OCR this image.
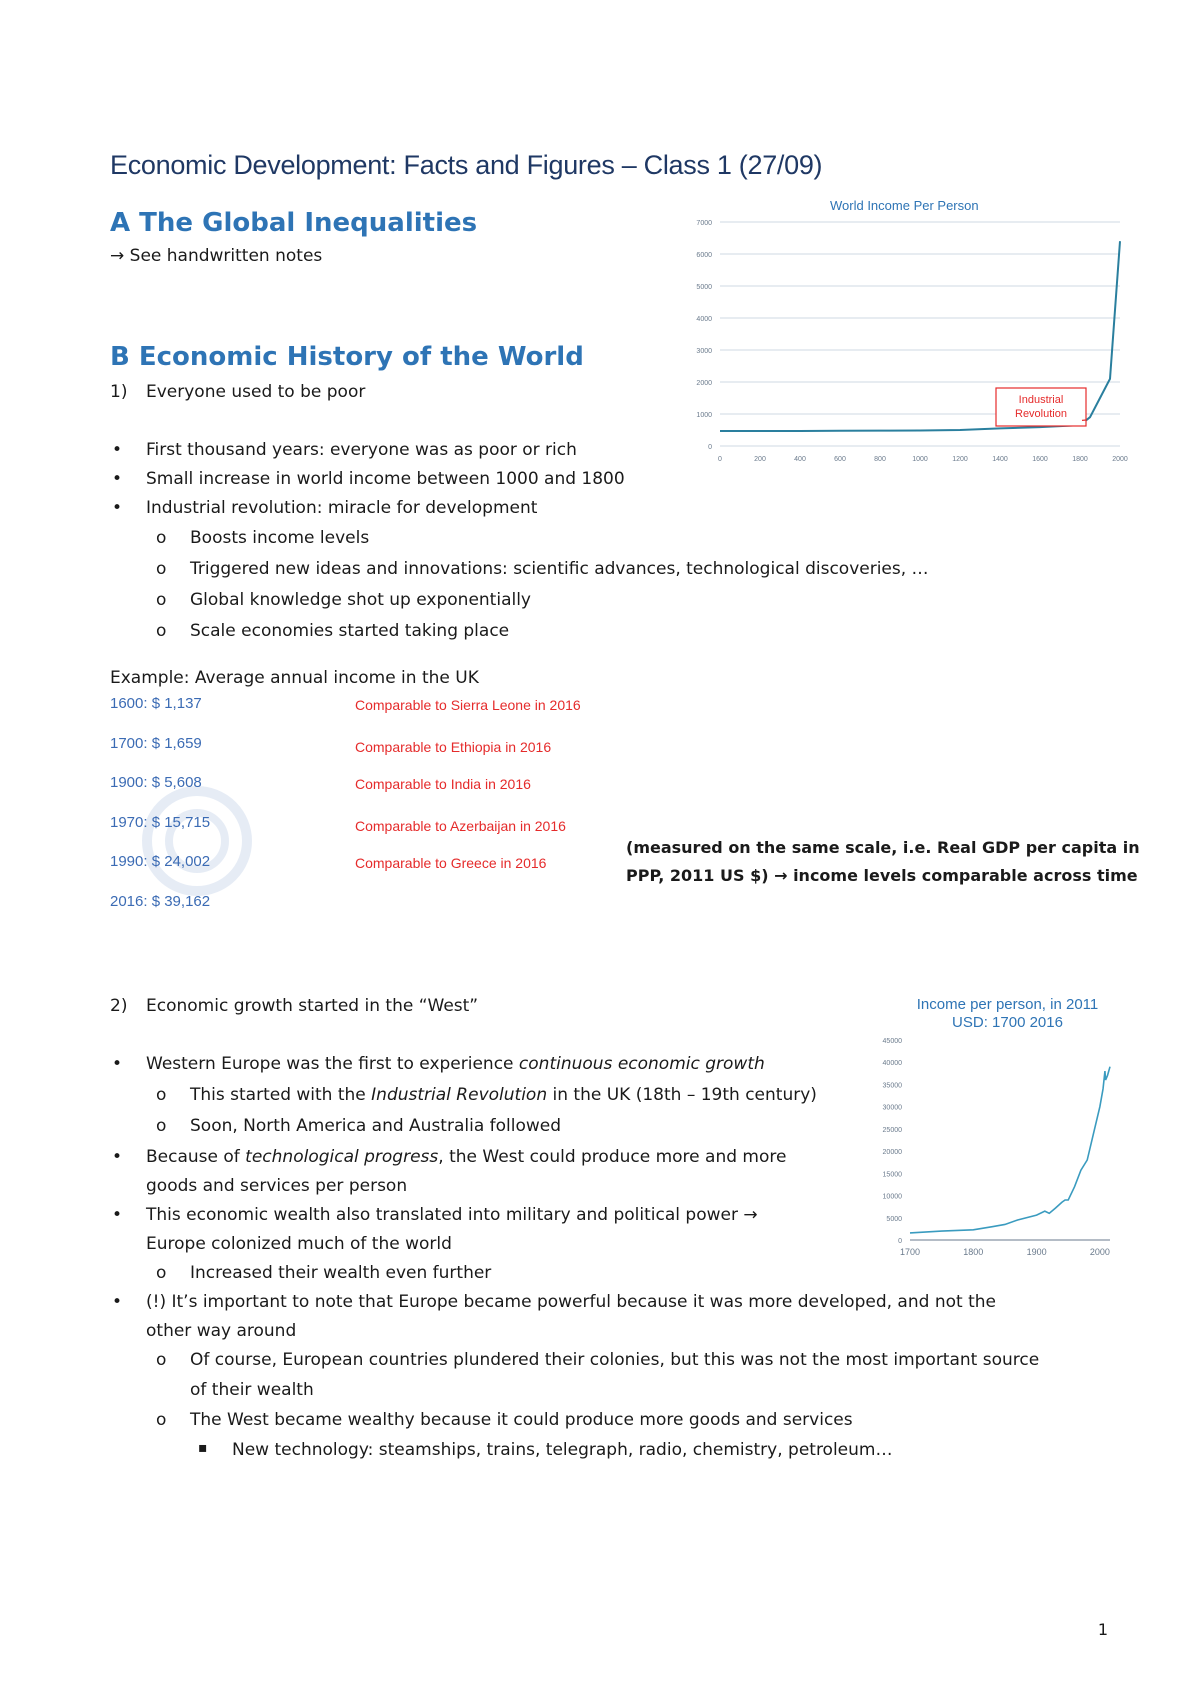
Economic Development: Facts and Figures – Class 1 (27/09)
A The Global Inequalities
→ See handwritten notes
B Economic History of the World
1) Everyone used to be poor
•
First thousand years: everyone was as poor or rich
•
Small increase in world income between 1000 and 1800
•
Industrial revolution: miracle for development
o
Boosts income levels
o
Triggered new ideas and innovations: scientific advances, technological discoveries, …
o
Global knowledge shot up exponentially
o
Scale economies started taking place
Example: Average annual income in the UK
1600: $ 1,137	Comparable to Sierra Leone in 2016
1700: $ 1,659	Comparable to Ethiopia in 2016
1900: $ 5,608	Comparable to India in 2016
1970: $ 15,715	Comparable to Azerbaijan in 2016
1990: $ 24,002	Comparable to Greece in 2016
2016: $ 39,162
(measured on the same scale, i.e. Real GDP per capita in
PPP, 2011 US $) → income levels comparable across time
2) Economic growth started in the “West”
•
Western Europe was the first to experience continuous economic growth
o
This started with the Industrial Revolution in the UK (18th – 19th century)
o
Soon, North America and Australia followed
•
Because of technological progress, the West could produce more and more
goods and services per person
•
This economic wealth also translated into military and political power →
Europe colonized much of the world
o
Increased their wealth even further
•
(!) It’s important to note that Europe became powerful because it was more developed, and not the
other way around
o
Of course, European countries plundered their colonies, but this was not the most important source
of their wealth
o
The West became wealthy because it could produce more goods and services
▪
New technology: steamships, trains, telegraph, radio, chemistry, petroleum…
1
World Income Per Person
0
1000
2000
3000
4000
5000
6000
7000
0	200	400	600	800	1000	1200	1400	1600	1800	2000
Industrial
Revolution
Income per person, in 2011
USD: 1700 2016
0
5000
10000
15000
20000
25000
30000
35000
40000
45000
1700	1800	1900	2000
